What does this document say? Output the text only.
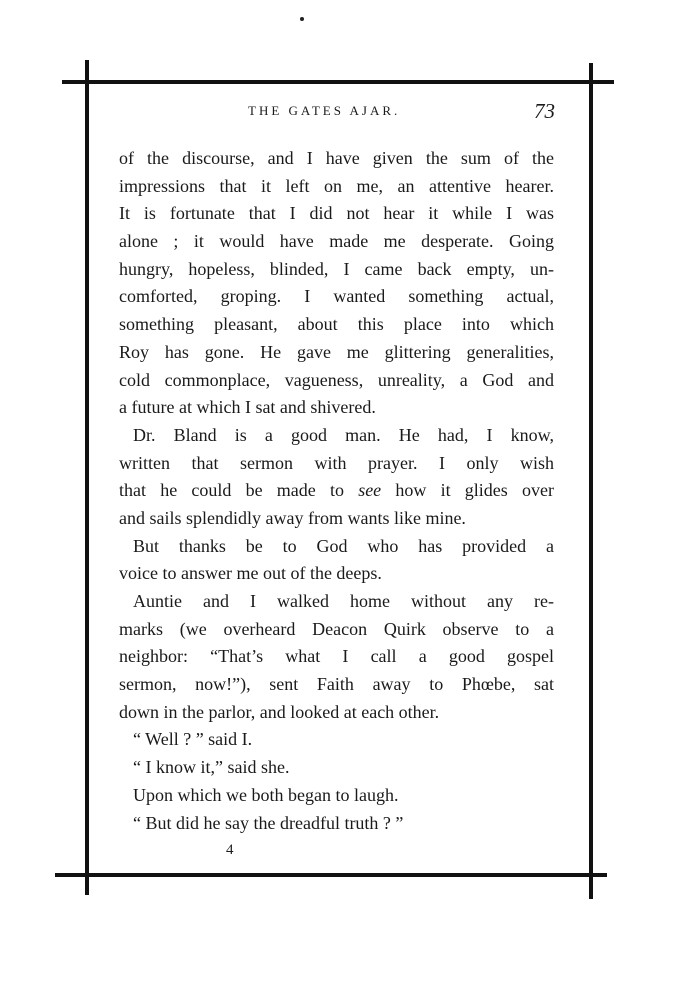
THE GATES AJAR.	73
of the discourse, and I have given the sum of the
impressions that it left on me, an attentive hearer.
It is fortunate that I did not hear it while I was
alone ; it would have made me desperate. Going
hungry, hopeless, blinded, I came back empty, un-
comforted, groping. I wanted something actual,
something pleasant, about this place into which
Roy has gone. He gave me glittering generalities,
cold commonplace, vagueness, unreality, a God and
a future at which I sat and shivered.
Dr. Bland is a good man. He had, I know,
written that sermon with prayer. I only wish
that he could be made to see how it glides over
and sails splendidly away from wants like mine.
But thanks be to God who has provided a
voice to answer me out of the deeps.
Auntie and I walked home without any re-
marks (we overheard Deacon Quirk observe to a
neighbor: “That’s what I call a good gospel
sermon, now!”), sent Faith away to Phœbe, sat
down in the parlor, and looked at each other.
“ Well ? ” said I.
“ I know it,” said she.
Upon which we both began to laugh.
“ But did he say the dreadful truth ? ”
4
